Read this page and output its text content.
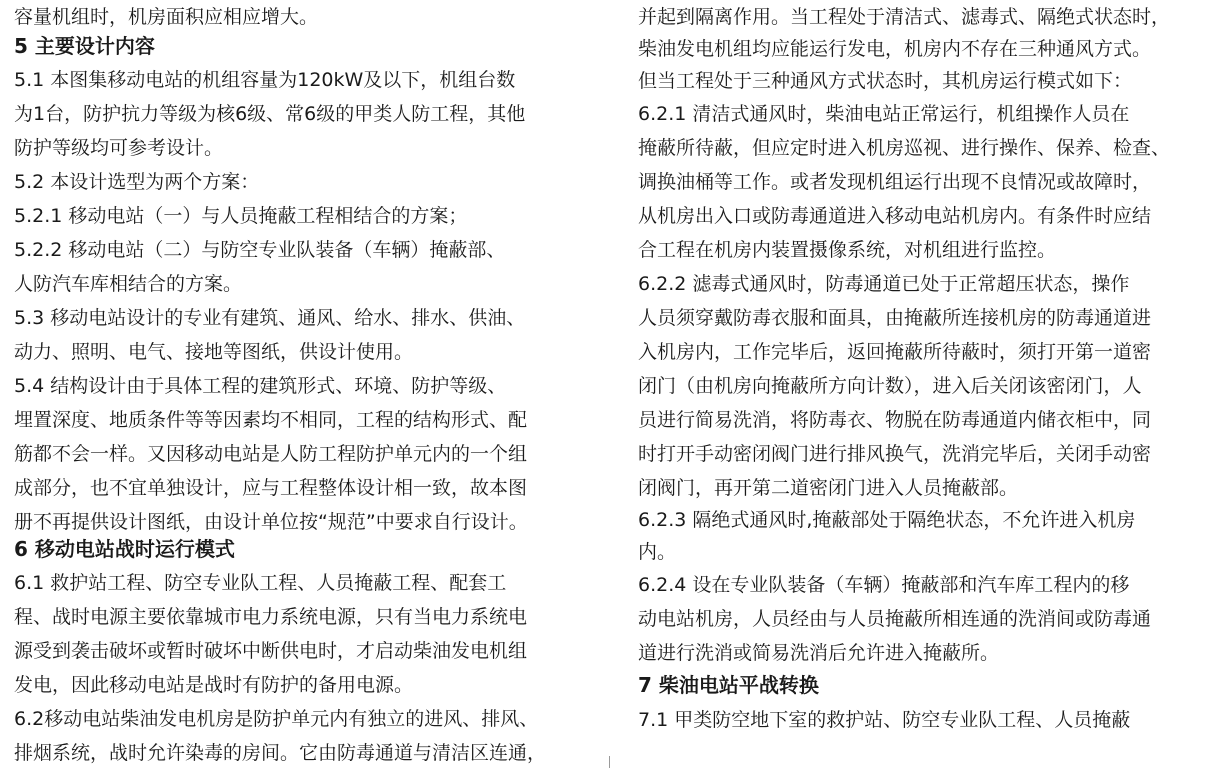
容量机组时，机房面积应相应增大。
5 主要设计内容
5.1 本图集移动电站的机组容量为120kW及以下，机组台数
为1台，防护抗力等级为核6级、常6级的甲类人防工程，其他
防护等级均可参考设计。
5.2 本设计选型为两个方案：
5.2.1 移动电站（一）与人员掩蔽工程相结合的方案；
5.2.2 移动电站（二）与防空专业队装备（车辆）掩蔽部、
人防汽车库相结合的方案。
5.3 移动电站设计的专业有建筑、通风、给水、排水、供油、
动力、照明、电气、接地等图纸，供设计使用。
5.4 结构设计由于具体工程的建筑形式、环境、防护等级、
埋置深度、地质条件等等因素均不相同，工程的结构形式、配
筋都不会一样。又因移动电站是人防工程防护单元内的一个组
成部分，也不宜单独设计，应与工程整体设计相一致，故本图
册不再提供设计图纸，由设计单位按“规范”中要求自行设计。
6 移动电站战时运行模式
6.1 救护站工程、防空专业队工程、人员掩蔽工程、配套工
程、战时电源主要依靠城市电力系统电源，只有当电力系统电
源受到袭击破坏或暂时破坏中断供电时，才启动柴油发电机组
发电，因此移动电站是战时有防护的备用电源。
6.2移动电站柴油发电机房是防护单元内有独立的进风、排风、
排烟系统，战时允许染毒的房间。它由防毒通道与清洁区连通，
并起到隔离作用。当工程处于清洁式、滤毒式、隔绝式状态时，
柴油发电机组均应能运行发电，机房内不存在三种通风方式。
但当工程处于三种通风方式状态时，其机房运行模式如下：
6.2.1 清洁式通风时，柴油电站正常运行，机组操作人员在
掩蔽所待蔽，但应定时进入机房巡视、进行操作、保养、检查、
调换油桶等工作。或者发现机组运行出现不良情况或故障时，
从机房出入口或防毒通道进入移动电站机房内。有条件时应结
合工程在机房内装置摄像系统，对机组进行监控。
6.2.2 滤毒式通风时，防毒通道已处于正常超压状态，操作
人员须穿戴防毒衣服和面具，由掩蔽所连接机房的防毒通道进
入机房内，工作完毕后，返回掩蔽所待蔽时，须打开第一道密
闭门（由机房向掩蔽所方向计数），进入后关闭该密闭门，人
员进行简易洗消，将防毒衣、物脱在防毒通道内储衣柜中，同
时打开手动密闭阀门进行排风换气，洗消完毕后，关闭手动密
闭阀门，再开第二道密闭门进入人员掩蔽部。
6.2.3 隔绝式通风时,掩蔽部处于隔绝状态，不允许进入机房
内。
6.2.4 设在专业队装备（车辆）掩蔽部和汽车库工程内的移
动电站机房，人员经由与人员掩蔽所相连通的洗消间或防毒通
道进行洗消或简易洗消后允许进入掩蔽所。
7 柴油电站平战转换
7.1 甲类防空地下室的救护站、防空专业队工程、人员掩蔽
